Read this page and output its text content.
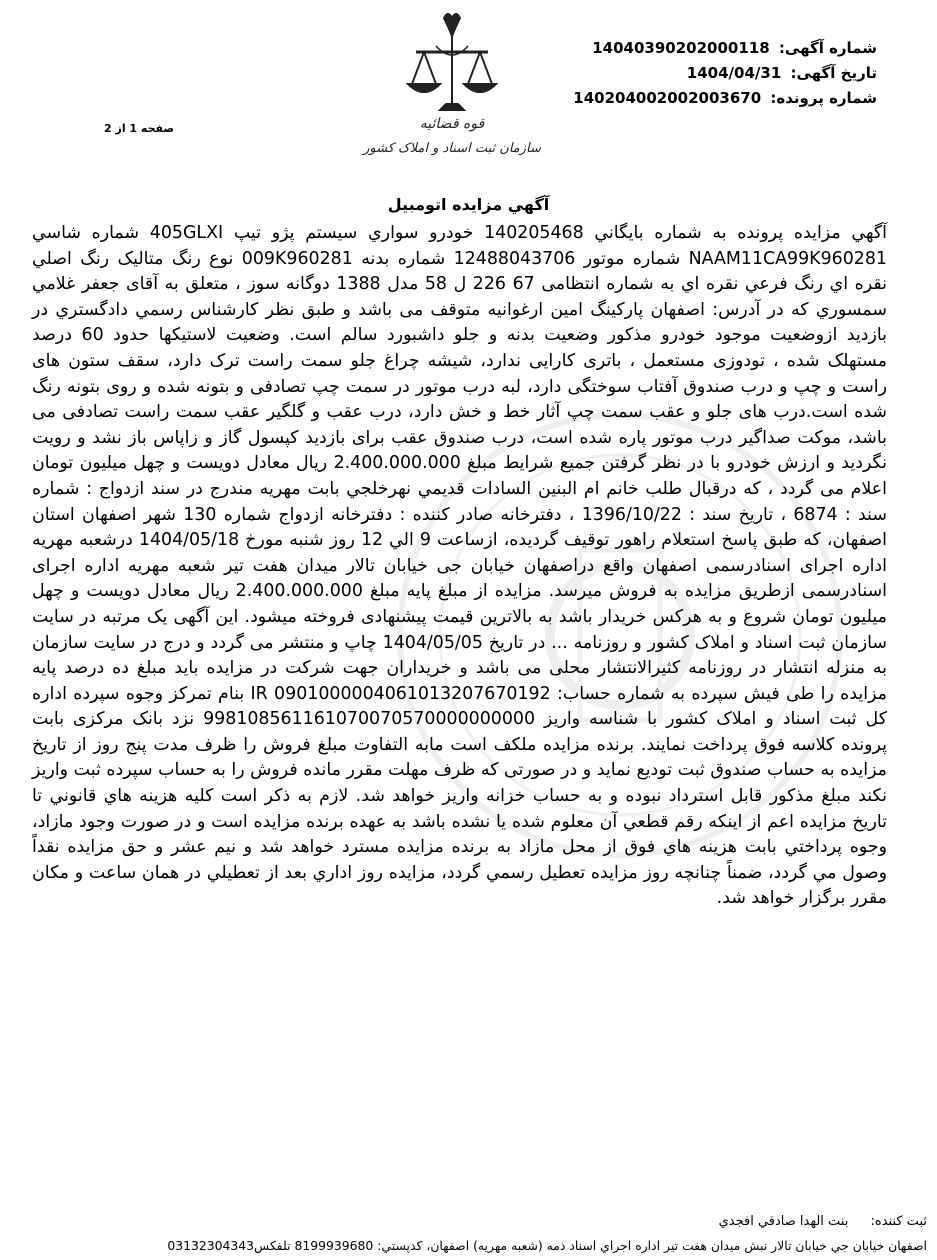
شماره آگهی: 14040390202000118
تاریخ آگهی: 1404/04/31
شماره پرونده: 140204002002003670
قوه قضائیه
سازمان ثبت اسناد و املاک کشور
صفحه 1 از 2
آگهي مزايده اتومبيل
آگهي مزايده پرونده به شماره بايگاني 140205468 خودرو سواري سيستم پژو تيپ 405GLXI شماره شاسي NAAM11CA99K960281 شماره موتور 12488043706 شماره بدنه 009K960281 نوع رنگ متاليک رنگ اصلي نقره اي رنگ فرعي نقره اي به شماره انتظامی 67 226 ل 58 مدل 1388 دوگانه سوز ، متعلق به آقای جعفر غلامي سمسوري كه در آدرس: اصفهان پارکینگ امین ارغوانیه متوقف می باشد و طبق نظر کارشناس رسمي دادگستري در بازديد ازوضعيت موجود خودرو مذکور وضعیت بدنه و جلو داشبورد سالم است. وضعیت لاستیکها حدود 60 درصد مستهلک شده ، تودوزی مستعمل ، باتری کارایی ندارد، شیشه چراغ جلو سمت راست ترک دارد، سقف ستون های راست و چپ و درب صندوق آفتاب سوختگی دارد، لبه درب موتور در سمت چپ تصادفی و بتونه شده و روی بتونه رنگ شده است.درب های جلو و عقب سمت چپ آثار خط و خش دارد، درب عقب و گلگیر عقب سمت راست تصادفی می باشد، موکت صداگیر درب موتور پاره شده است، درب صندوق عقب برای بازدید کپسول گاز و زاپاس باز نشد و رویت نگردید و ارزش خودرو با در نظر گرفتن جمیع شرایط مبلغ 2.400.000.000 ريال معادل دويست و چهل ميليون تومان اعلام می گردد ، كه درقبال طلب خانم ام البنين السادات قديمي نهرخلجي بابت مهریه مندرج در سند ازدواج : شماره سند : 6874 ، تاریخ سند : 1396/10/22 ، دفترخانه صادر کننده : دفترخانه ازدواج شماره 130 شهر اصفهان استان اصفهان، که طبق پاسخ استعلام راهور توقیف گرديده، ازساعت 9 الي 12 روز شنبه مورخ 1404/05/18 درشعبه مهريه اداره اجرای اسنادرسمی اصفهان واقع دراصفهان خيابان جی خيابان تالار ميدان هفت تير شعبه مهريه اداره اجرای اسنادرسمی ازطريق مزايده به فروش ميرسد. مزايده از مبلغ پايه مبلغ 2.400.000.000 ريال معادل دويست و چهل ميليون تومان شروع و به هرکس خريدار باشد به بالاترين قيمت پيشنهادی فروخته ميشود. اين آگهی يک مرتبه در سايت سازمان ثبت اسناد و املاک کشور و روزنامه ... در تاريخ 1404/05/05 چاپ و منتشر می گردد و درج در سایت سازمان به منزله انتشار در روزنامه کثیرالانتشار محلی می باشد و خریداران جهت شرکت در مزایده باید مبلغ ده درصد پایه مزایده را طی فیش سپرده به شماره حساب: IR 090100000406101320767019​2 بنام تمرکز وجوه سپرده اداره کل ثبت اسناد و املاک کشور با شناسه واریز 998108561161070070570000000000 نزد بانک مرکزی بابت پرونده کلاسه فوق پرداخت نمایند. برنده مزایده ملکف است مابه التفاوت مبلغ فروش را ظرف مدت پنج روز از تاریخ مزایده به حساب صندوق ثبت تودیع نماید و در صورتی که ظرف مهلت مقرر مانده فروش را به حساب سپرده ثبت واریز نکند مبلغ مذکور قابل استرداد نبوده و به حساب خزانه واریز خواهد شد. لازم به ذکر است کلیه هزینه هاي قانوني تا تاریخ مزایده اعم از اینکه رقم قطعي آن معلوم شده یا نشده باشد به عهده برنده مزایده است و در صورت وجود مازاد، وجوه پرداختي بابت هزینه هاي فوق از محل مازاد به برنده مزایده مسترد خواهد شد و نیم عشر و حق مزایده نقداً وصول مي گردد، ضمناً چنانچه روز مزایده تعطیل رسمي گردد، مزایده روز اداري بعد از تعطیلي در همان ساعت و مکان مقرر برگزار خواهد شد.
ثبت کننده: بنت الهدا صادقي افجدي
اصفهان خيابان جي خيابان تالار نبش ميدان هفت تير اداره اجراي اسناد ذمه (شعبه مهريه) اصفهان، کدپستي: 8199939680 تلفکس03132304343
